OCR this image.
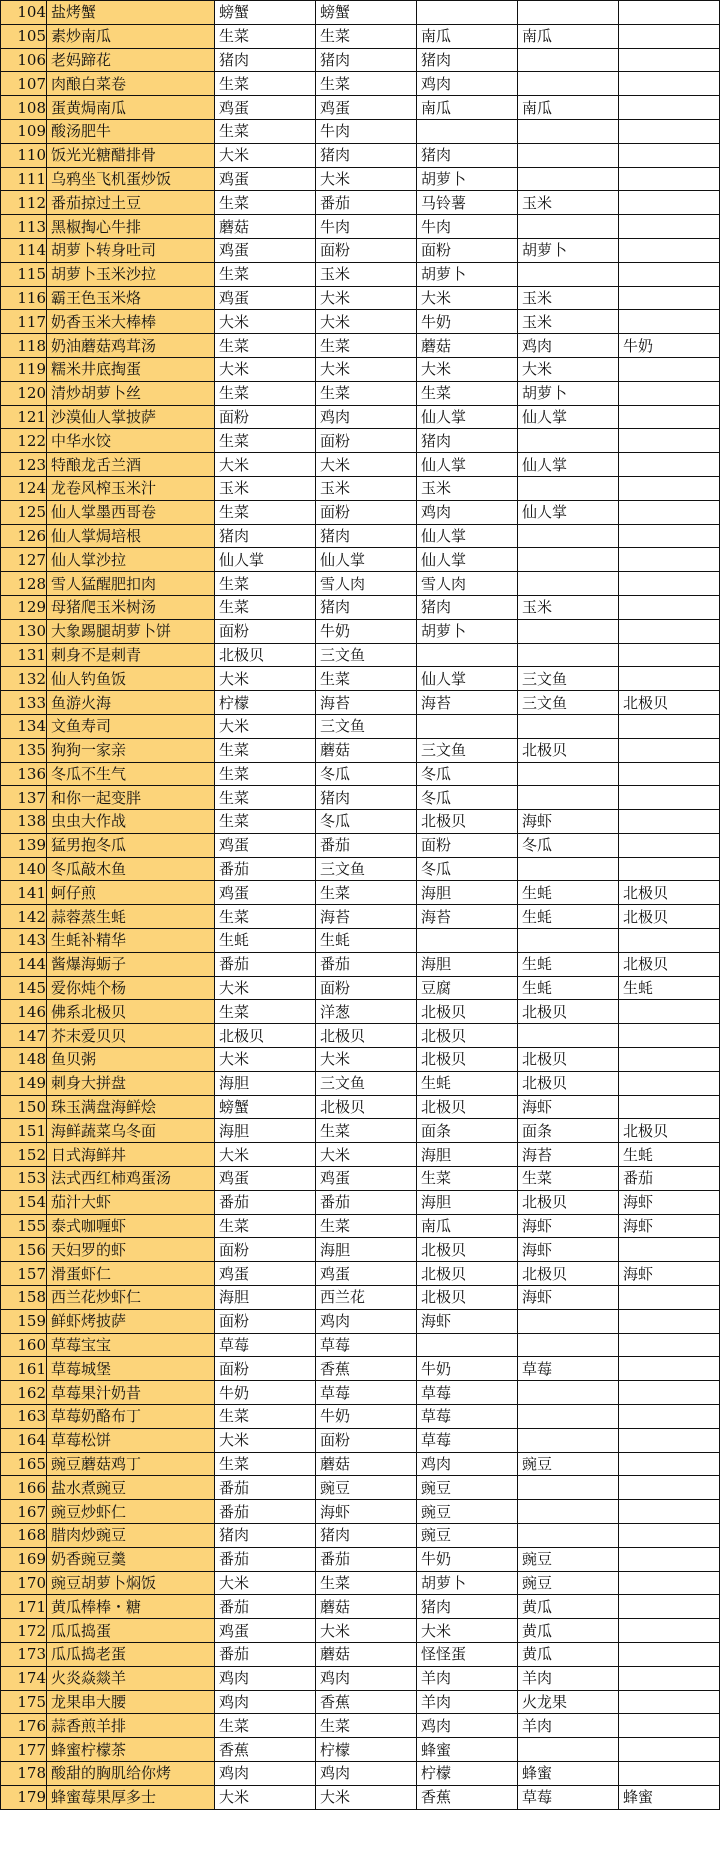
104	盐烤蟹	螃蟹	螃蟹			
105	素炒南瓜	生菜	生菜	南瓜	南瓜	
106	老妈蹄花	猪肉	猪肉	猪肉		
107	肉酿白菜卷	生菜	生菜	鸡肉		
108	蛋黄焗南瓜	鸡蛋	鸡蛋	南瓜	南瓜	
109	酸汤肥牛	生菜	牛肉			
110	饭光光糖醋排骨	大米	猪肉	猪肉		
111	乌鸦坐飞机蛋炒饭	鸡蛋	大米	胡萝卜		
112	番茄掠过土豆	生菜	番茄	马铃薯	玉米	
113	黑椒掏心牛排	蘑菇	牛肉	牛肉		
114	胡萝卜转身吐司	鸡蛋	面粉	面粉	胡萝卜	
115	胡萝卜玉米沙拉	生菜	玉米	胡萝卜		
116	霸王色玉米烙	鸡蛋	大米	大米	玉米	
117	奶香玉米大棒棒	大米	大米	牛奶	玉米	
118	奶油蘑菇鸡茸汤	生菜	生菜	蘑菇	鸡肉	牛奶
119	糯米井底掏蛋	大米	大米	大米	大米	
120	清炒胡萝卜丝	生菜	生菜	生菜	胡萝卜	
121	沙漠仙人掌披萨	面粉	鸡肉	仙人掌	仙人掌	
122	中华水饺	生菜	面粉	猪肉		
123	特酿龙舌兰酒	大米	大米	仙人掌	仙人掌	
124	龙卷风榨玉米汁	玉米	玉米	玉米		
125	仙人掌墨西哥卷	生菜	面粉	鸡肉	仙人掌	
126	仙人掌焗培根	猪肉	猪肉	仙人掌		
127	仙人掌沙拉	仙人掌	仙人掌	仙人掌		
128	雪人猛醒肥扣肉	生菜	雪人肉	雪人肉		
129	母猪爬玉米树汤	生菜	猪肉	猪肉	玉米	
130	大象踢腿胡萝卜饼	面粉	牛奶	胡萝卜		
131	刺身不是刺青	北极贝	三文鱼			
132	仙人钓鱼饭	大米	生菜	仙人掌	三文鱼	
133	鱼游火海	柠檬	海苔	海苔	三文鱼	北极贝
134	文鱼寿司	大米	三文鱼			
135	狗狗一家亲	生菜	蘑菇	三文鱼	北极贝	
136	冬瓜不生气	生菜	冬瓜	冬瓜		
137	和你一起变胖	生菜	猪肉	冬瓜		
138	虫虫大作战	生菜	冬瓜	北极贝	海虾	
139	猛男抱冬瓜	鸡蛋	番茄	面粉	冬瓜	
140	冬瓜敲木鱼	番茄	三文鱼	冬瓜		
141	蚵仔煎	鸡蛋	生菜	海胆	生蚝	北极贝
142	蒜蓉蒸生蚝	生菜	海苔	海苔	生蚝	北极贝
143	生蚝补精华	生蚝	生蚝			
144	酱爆海蛎子	番茄	番茄	海胆	生蚝	北极贝
145	爱你炖个杨	大米	面粉	豆腐	生蚝	生蚝
146	佛系北极贝	生菜	洋葱	北极贝	北极贝	
147	芥末爱贝贝	北极贝	北极贝	北极贝		
148	鱼贝粥	大米	大米	北极贝	北极贝	
149	刺身大拼盘	海胆	三文鱼	生蚝	北极贝	
150	珠玉满盘海鲜烩	螃蟹	北极贝	北极贝	海虾	
151	海鲜蔬菜乌冬面	海胆	生菜	面条	面条	北极贝
152	日式海鲜丼	大米	大米	海胆	海苔	生蚝
153	法式西红柿鸡蛋汤	鸡蛋	鸡蛋	生菜	生菜	番茄
154	茄汁大虾	番茄	番茄	海胆	北极贝	海虾
155	泰式咖喱虾	生菜	生菜	南瓜	海虾	海虾
156	天妇罗的虾	面粉	海胆	北极贝	海虾	
157	滑蛋虾仁	鸡蛋	鸡蛋	北极贝	北极贝	海虾
158	西兰花炒虾仁	海胆	西兰花	北极贝	海虾	
159	鲜虾烤披萨	面粉	鸡肉	海虾		
160	草莓宝宝	草莓	草莓			
161	草莓城堡	面粉	香蕉	牛奶	草莓	
162	草莓果汁奶昔	牛奶	草莓	草莓		
163	草莓奶酪布丁	生菜	牛奶	草莓		
164	草莓松饼	大米	面粉	草莓		
165	豌豆蘑菇鸡丁	生菜	蘑菇	鸡肉	豌豆	
166	盐水煮豌豆	番茄	豌豆	豌豆		
167	豌豆炒虾仁	番茄	海虾	豌豆		
168	腊肉炒豌豆	猪肉	猪肉	豌豆		
169	奶香豌豆羹	番茄	番茄	牛奶	豌豆	
170	豌豆胡萝卜焖饭	大米	生菜	胡萝卜	豌豆	
171	黄瓜棒棒・糖	番茄	蘑菇	猪肉	黄瓜	
172	瓜瓜捣蛋	鸡蛋	大米	大米	黄瓜	
173	瓜瓜捣老蛋	番茄	蘑菇	怪怪蛋	黄瓜	
174	火炎焱燚羊	鸡肉	鸡肉	羊肉	羊肉	
175	龙果串大腰	鸡肉	香蕉	羊肉	火龙果	
176	蒜香煎羊排	生菜	生菜	鸡肉	羊肉	
177	蜂蜜柠檬茶	香蕉	柠檬	蜂蜜		
178	酸甜的胸肌给你烤	鸡肉	鸡肉	柠檬	蜂蜜	
179	蜂蜜莓果厚多士	大米	大米	香蕉	草莓	蜂蜜
